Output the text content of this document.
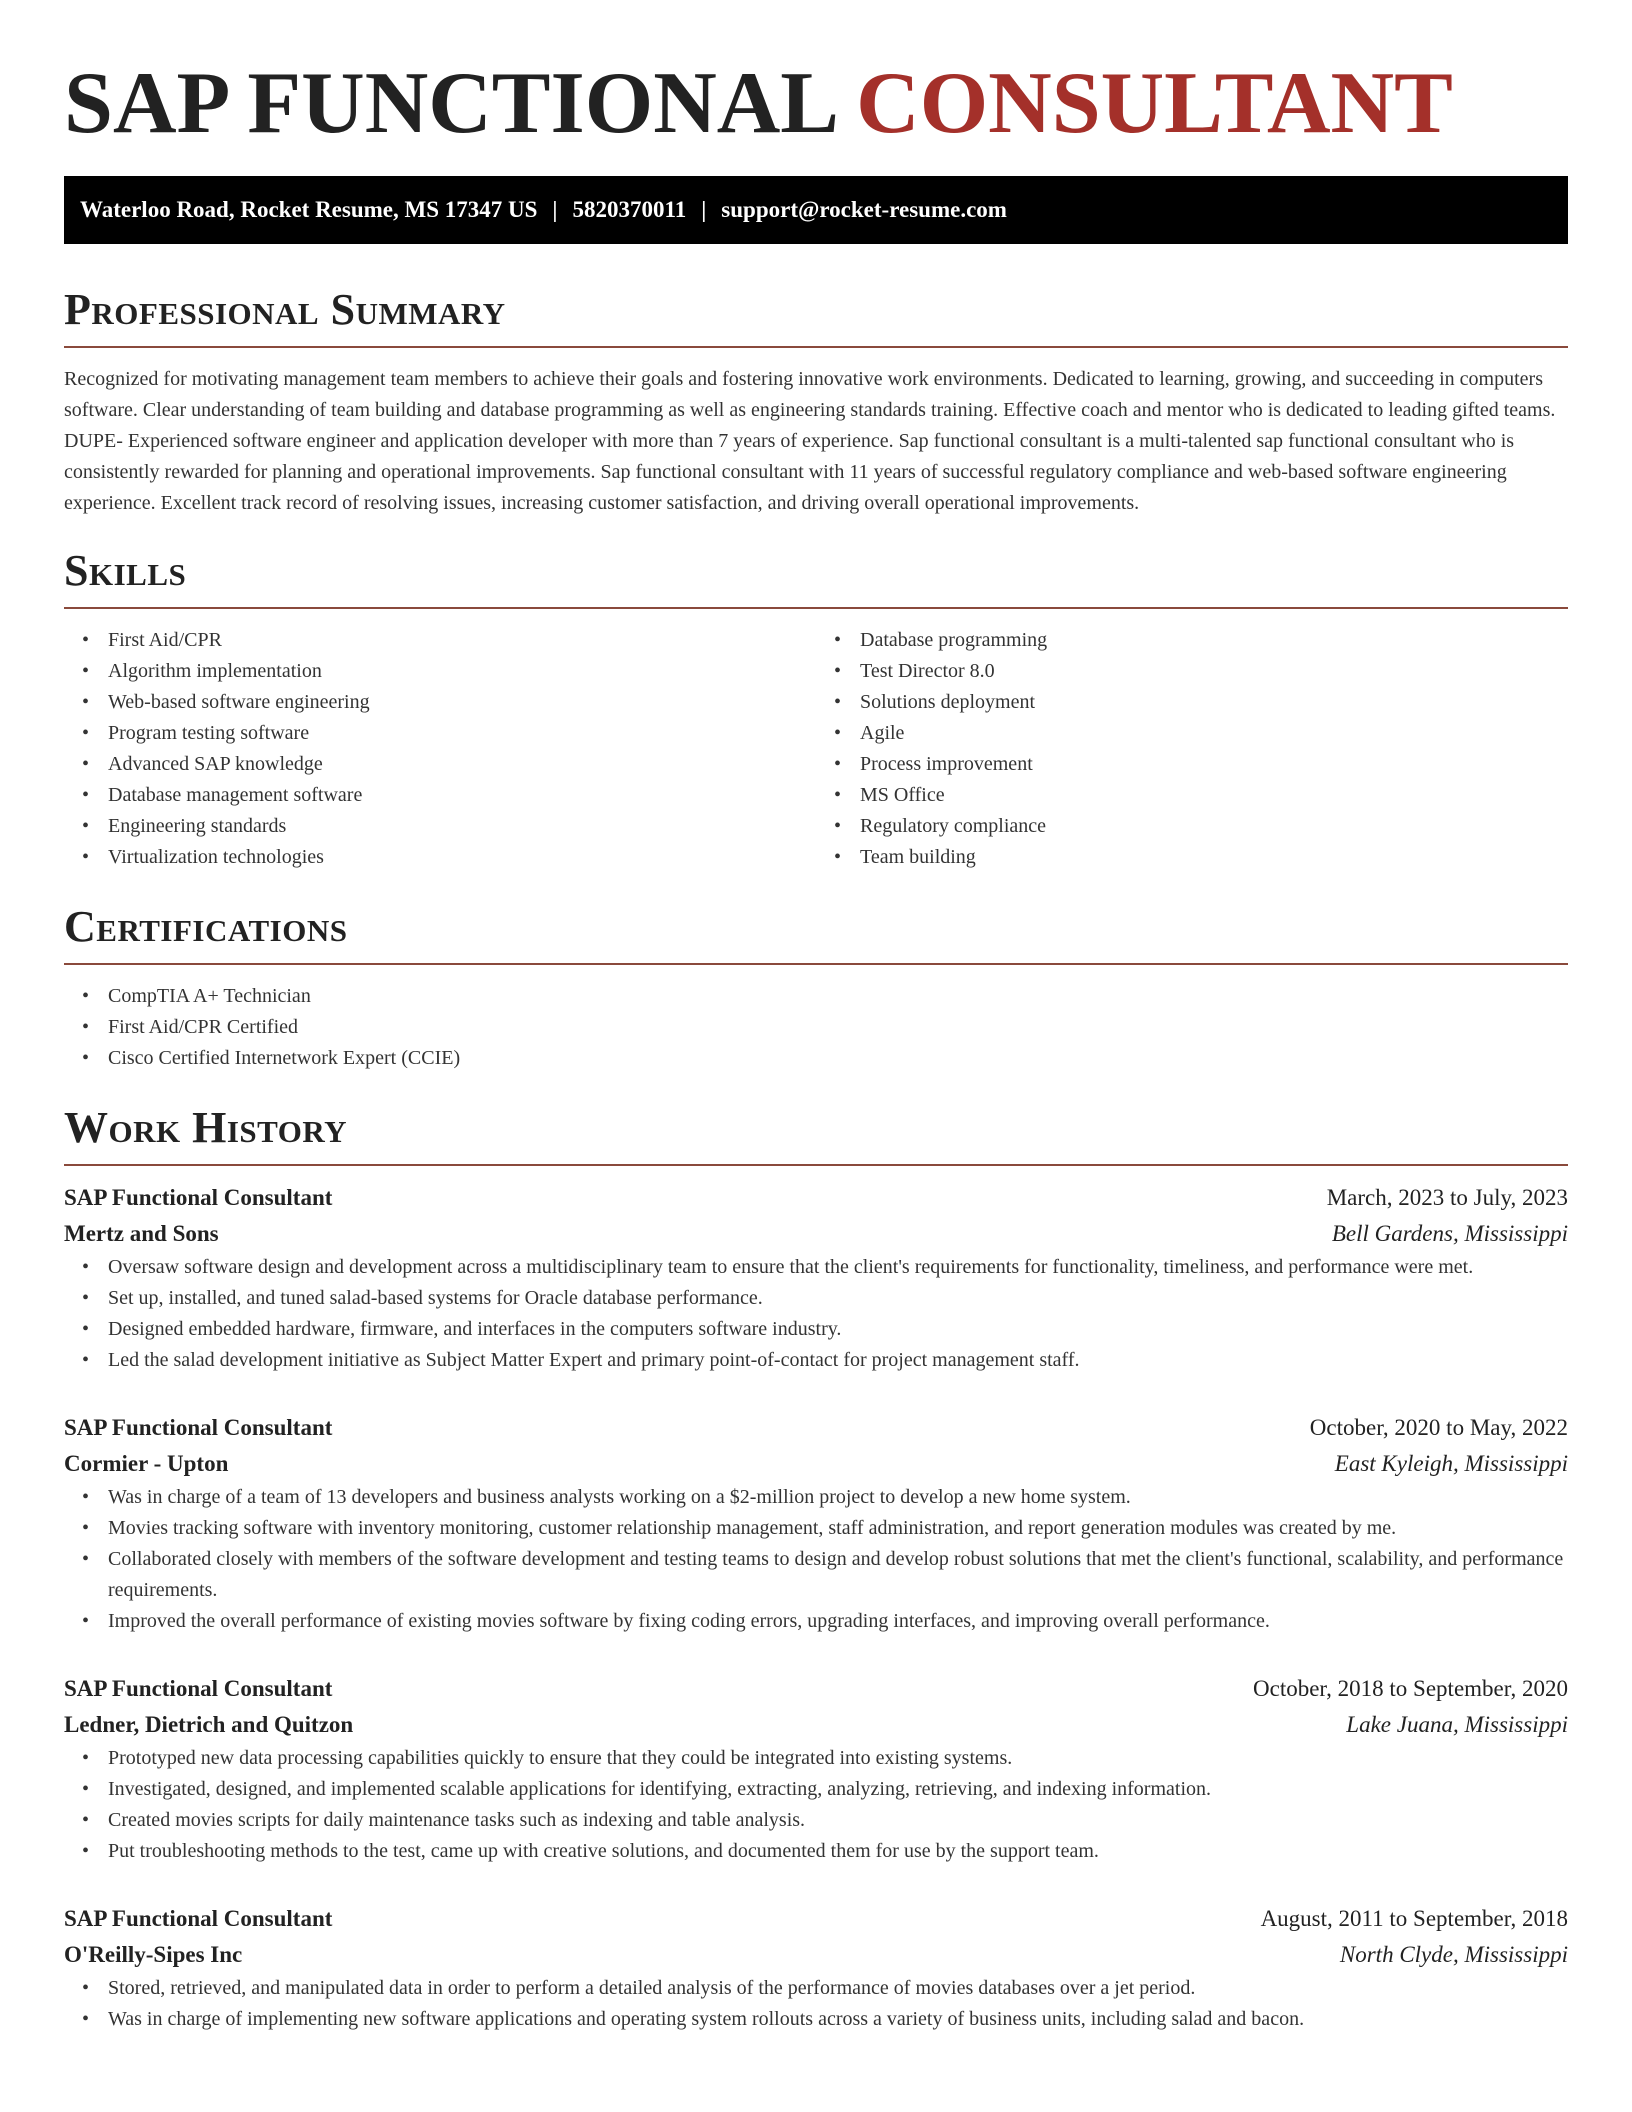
SAP FUNCTIONAL CONSULTANT
Waterloo Road, Rocket Resume, MS 17347 US | 5820370011 | support@rocket-resume.com
Professional Summary

Recognized for motivating management team members to achieve their goals and fostering innovative work environments. Dedicated to learning, growing, and succeeding in computers software. Clear understanding of team building and database programming as well as engineering standards training. Effective coach and mentor who is dedicated to leading gifted teams. DUPE- Experienced software engineer and application developer with more than 7 years of experience. Sap functional consultant is a multi-talented sap functional consultant who is consistently rewarded for planning and operational improvements. Sap functional consultant with 11 years of successful regulatory compliance and web-based software engineering experience. Excellent track record of resolving issues, increasing customer satisfaction, and driving overall operational improvements.

Skills
• First Aid/CPR
• Algorithm implementation
• Web-based software engineering
• Program testing software
• Advanced SAP knowledge
• Database management software
• Engineering standards
• Virtualization technologies
• Database programming
• Test Director 8.0
• Solutions deployment
• Agile
• Process improvement
• MS Office
• Regulatory compliance
• Team building
Certifications
• CompTIA A+ Technician
• First Aid/CPR Certified
• Cisco Certified Internetwork Expert (CCIE)
Work History
SAP Functional Consultant	March, 2023 to July, 2023
Mertz and Sons	Bell Gardens, Mississippi
• Oversaw software design and development across a multidisciplinary team to ensure that the client's requirements for functionality, timeliness, and performance were met.
• Set up, installed, and tuned salad-based systems for Oracle database performance.
• Designed embedded hardware, firmware, and interfaces in the computers software industry.
• Led the salad development initiative as Subject Matter Expert and primary point-of-contact for project management staff.
SAP Functional Consultant	October, 2020 to May, 2022
Cormier - Upton	East Kyleigh, Mississippi
• Was in charge of a team of 13 developers and business analysts working on a $2-million project to develop a new home system.
• Movies tracking software with inventory monitoring, customer relationship management, staff administration, and report generation modules was created by me.
• Collaborated closely with members of the software development and testing teams to design and develop robust solutions that met the client's functional, scalability, and performance requirements.
• Improved the overall performance of existing movies software by fixing coding errors, upgrading interfaces, and improving overall performance.
SAP Functional Consultant	October, 2018 to September, 2020
Ledner, Dietrich and Quitzon	Lake Juana, Mississippi
• Prototyped new data processing capabilities quickly to ensure that they could be integrated into existing systems.
• Investigated, designed, and implemented scalable applications for identifying, extracting, analyzing, retrieving, and indexing information.
• Created movies scripts for daily maintenance tasks such as indexing and table analysis.
• Put troubleshooting methods to the test, came up with creative solutions, and documented them for use by the support team.
SAP Functional Consultant	August, 2011 to September, 2018
O'Reilly-Sipes Inc	North Clyde, Mississippi
• Stored, retrieved, and manipulated data in order to perform a detailed analysis of the performance of movies databases over a jet period.
• Was in charge of implementing new software applications and operating system rollouts across a variety of business units, including salad and bacon.
